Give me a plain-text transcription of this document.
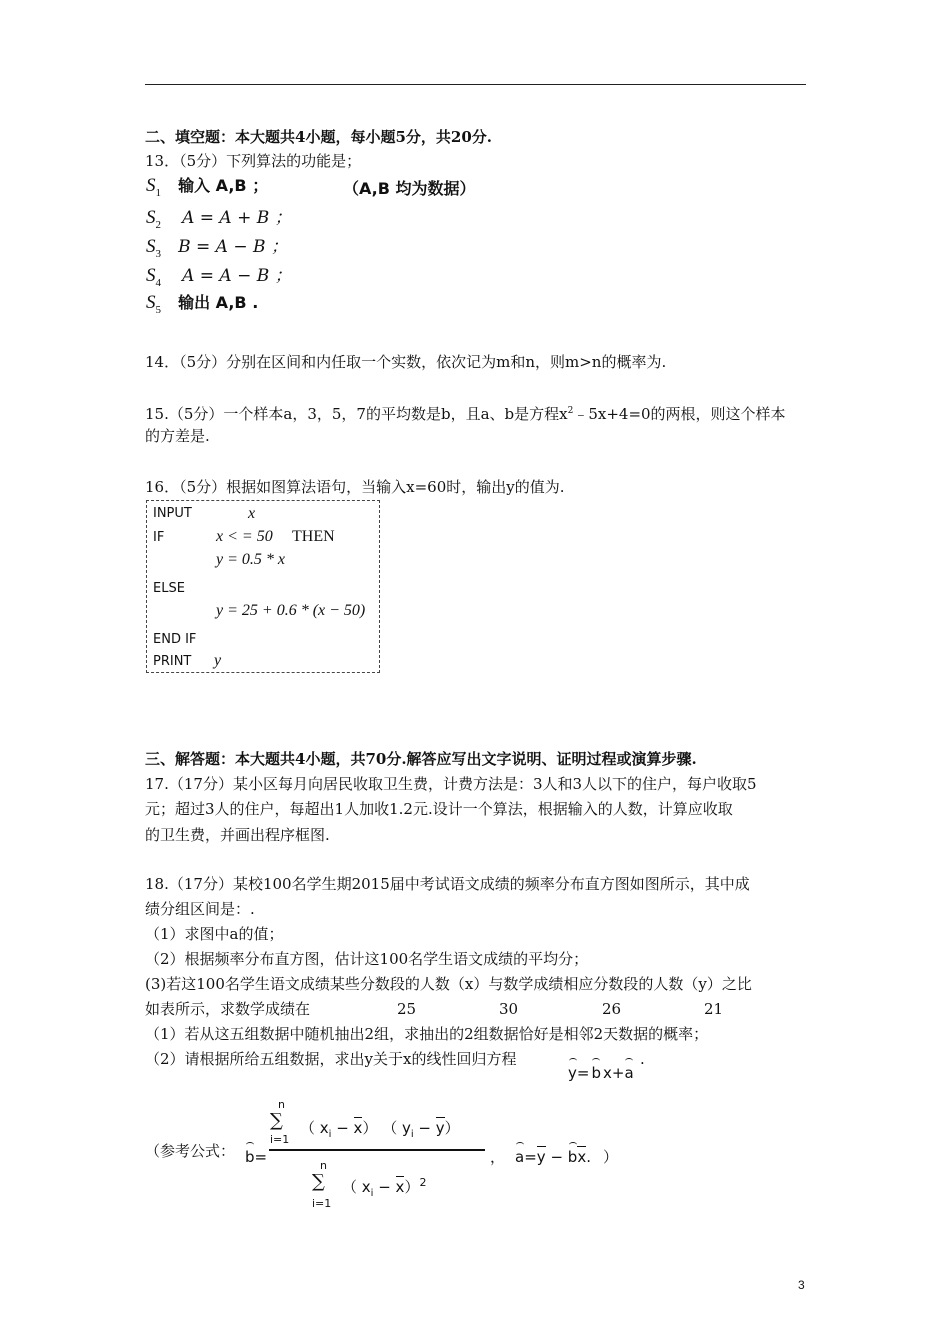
二、填空题：本大题共4小题，每小题5分，共20分.
13．（5分）下列算法的功能是；
$S_1$ 输入 A,B ；	（A,B 均为数据）
$S_2$ A = A + B ；
$S_3$ B = A − B ；
$S_4$ A = A − B ；
$S_5$ 输出 A,B .
14．（5分）分别在区间和内任取一个实数，依次记为m和n，则m>n的概率为.
15.（5分）一个样本a，3，5，7的平均数是b，且a、b是方程$x^2﹣5x+4=0$的两根，则这个样本
的方差是.
16．（5分）根据如图算法语句，当输入x=60时，输出y的值为.
INPUT	x
IF	x < = 50 THEN
y = 0.5 * x
ELSE
y = 25 + 0.6 * (x − 50)
END IF
PRINT y
三、解答题：本大题共4小题，共70分.解答应写出文字说明、证明过程或演算步骤.
17.（17分）某小区每月向居民收取卫生费，计费方法是：3人和3人以下的住户，每户收取5
元；超过3人的住户，每超出1人加收1.2元.设计一个算法，根据输入的人数，计算应收取
的卫生费，并画出程序框图.
18.（17分）某校100名学生期2015届中考试语文成绩的频率分布直方图如图所示，其中成
绩分组区间是：.
（1）求图中a的值；
（2）根据频率分布直方图，估计这100名学生语文成绩的平均分；
(3)若这100名学生语文成绩某些分数段的人数（x）与数学成绩相应分数段的人数（y）之比
如表所示，求数学成绩在	25	30	26	21
（1）若从这五组数据中随机抽出2组，求抽出的2组数据恰好是相邻2天数据的概率；
（2）请根据所给五组数据，求出y关于x的线性回归方程
y= b x+a
.
（参考公式： b=
n
∑
i=1
（ $x_i - x$） （ $y_i - y$）
n
∑
i=1
（ $x_i - x)^2$
， a=y − bx. ）
3
